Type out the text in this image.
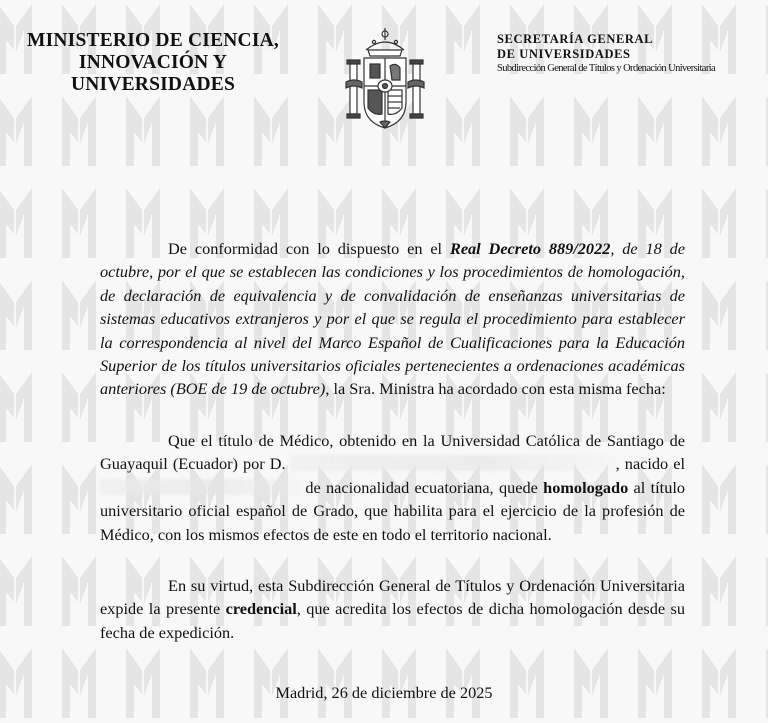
MINISTERIO DE CIENCIA,
INNOVACIÓN Y
UNIVERSIDADES
SECRETARÍA GENERAL
DE UNIVERSIDADES
Subdirección General de Títulos y Ordenación Universitaria
De conformidad con lo dispuesto en el Real Decreto 889/2022, de 18 de octubre, por el que se establecen las condiciones y los procedimientos de homologación, de declaración de equivalencia y de convalidación de enseñanzas universitarias de sistemas educativos extranjeros y por el que se regula el procedimiento para establecer la correspondencia al nivel del Marco Español de Cualificaciones para la Educación Superior de los títulos universitarios oficiales pertenecientes a ordenaciones académicas anteriores (BOE de 19 de octubre), la Sra. Ministra ha acordado con esta misma fecha:
Que el título de Médico, obtenido en la Universidad Católica de Santiago de Guayaquil (Ecuador) por D.	, nacido el  de nacionalidad ecuatoriana, quede homologado al título universitario oficial español de Grado, que habilita para el ejercicio de la profesión de Médico, con los mismos efectos de este en todo el territorio nacional.
En su virtud, esta Subdirección General de Títulos y Ordenación Universitaria expide la presente credencial, que acredita los efectos de dicha homologación desde su fecha de expedición.
Madrid, 26 de diciembre de 2025
